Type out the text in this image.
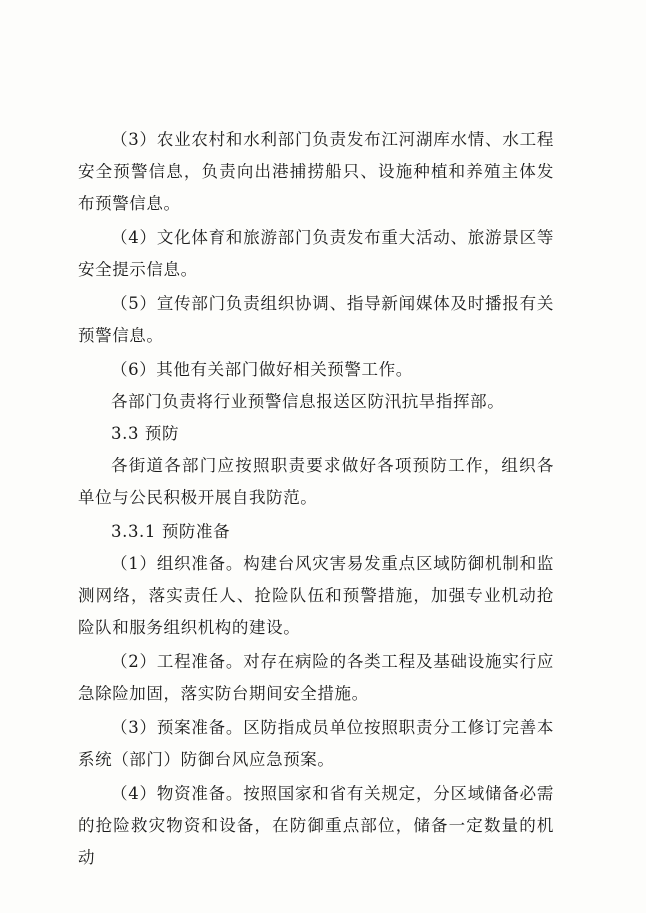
（3）农业农村和水利部门负责发布江河湖库水情、水工程安全预警信息，负责向出港捕捞船只、设施种植和养殖主体发布预警信息。

（4）文化体育和旅游部门负责发布重大活动、旅游景区等安全提示信息。

（5）宣传部门负责组织协调、指导新闻媒体及时播报有关预警信息。

（6）其他有关部门做好相关预警工作。

各部门负责将行业预警信息报送区防汛抗旱指挥部。

3.3 预防

各街道各部门应按照职责要求做好各项预防工作，组织各单位与公民积极开展自我防范。

3.3.1 预防准备

（1）组织准备。构建台风灾害易发重点区域防御机制和监测网络，落实责任人、抢险队伍和预警措施，加强专业机动抢险队和服务组织机构的建设。

（2）工程准备。对存在病险的各类工程及基础设施实行应急除险加固，落实防台期间安全措施。

（3）预案准备。区防指成员单位按照职责分工修订完善本系统（部门）防御台风应急预案。

（4）物资准备。按照国家和省有关规定，分区域储备必需的抢险救灾物资和设备，在防御重点部位，储备一定数量的机动
